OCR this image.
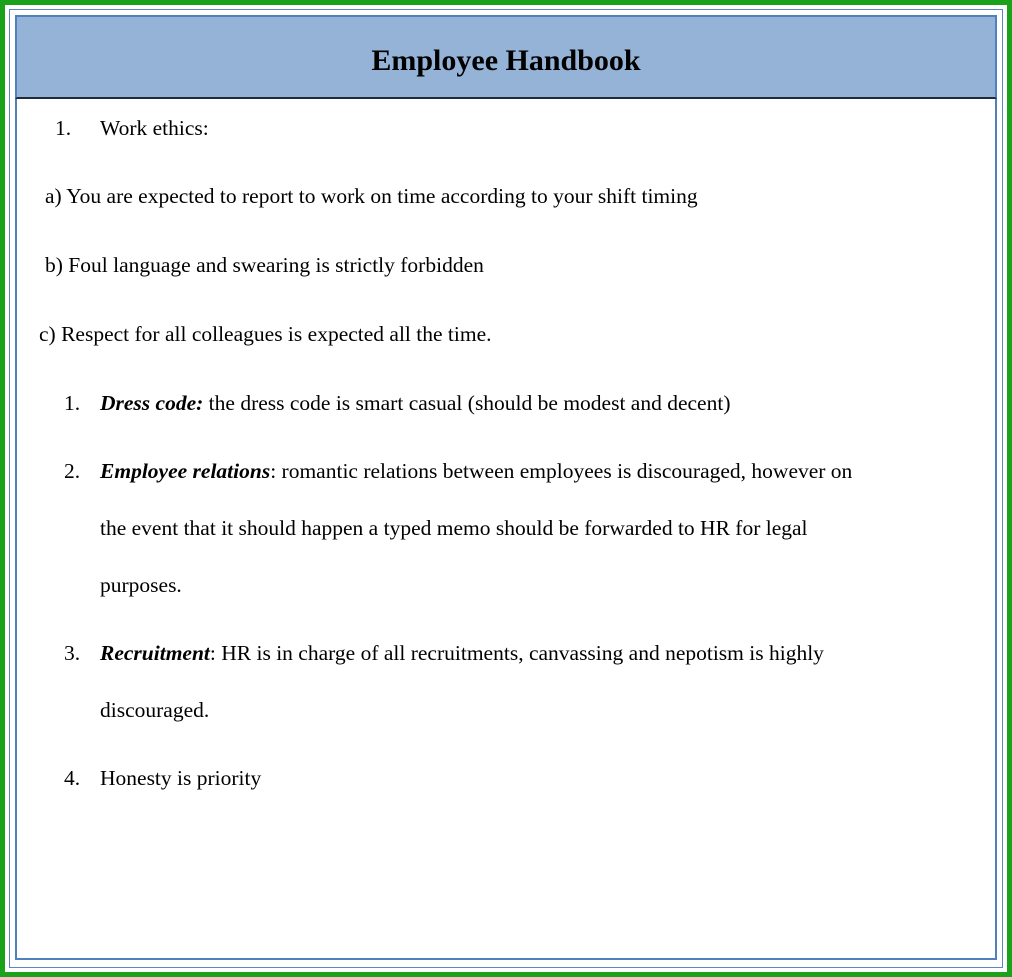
Employee Handbook
1. Work ethics:
a) You are expected to report to work on time according to your shift timing
b) Foul language and swearing is strictly forbidden
c) Respect for all colleagues is expected all the time.
1. Dress code: the dress code is smart casual (should be modest and decent)
2. Employee relations: romantic relations between employees is discouraged, however on
the event that it should happen a typed memo should be forwarded to HR for legal
purposes.
3. Recruitment: HR is in charge of all recruitments, canvassing and nepotism is highly
discouraged.
4. Honesty is priority
